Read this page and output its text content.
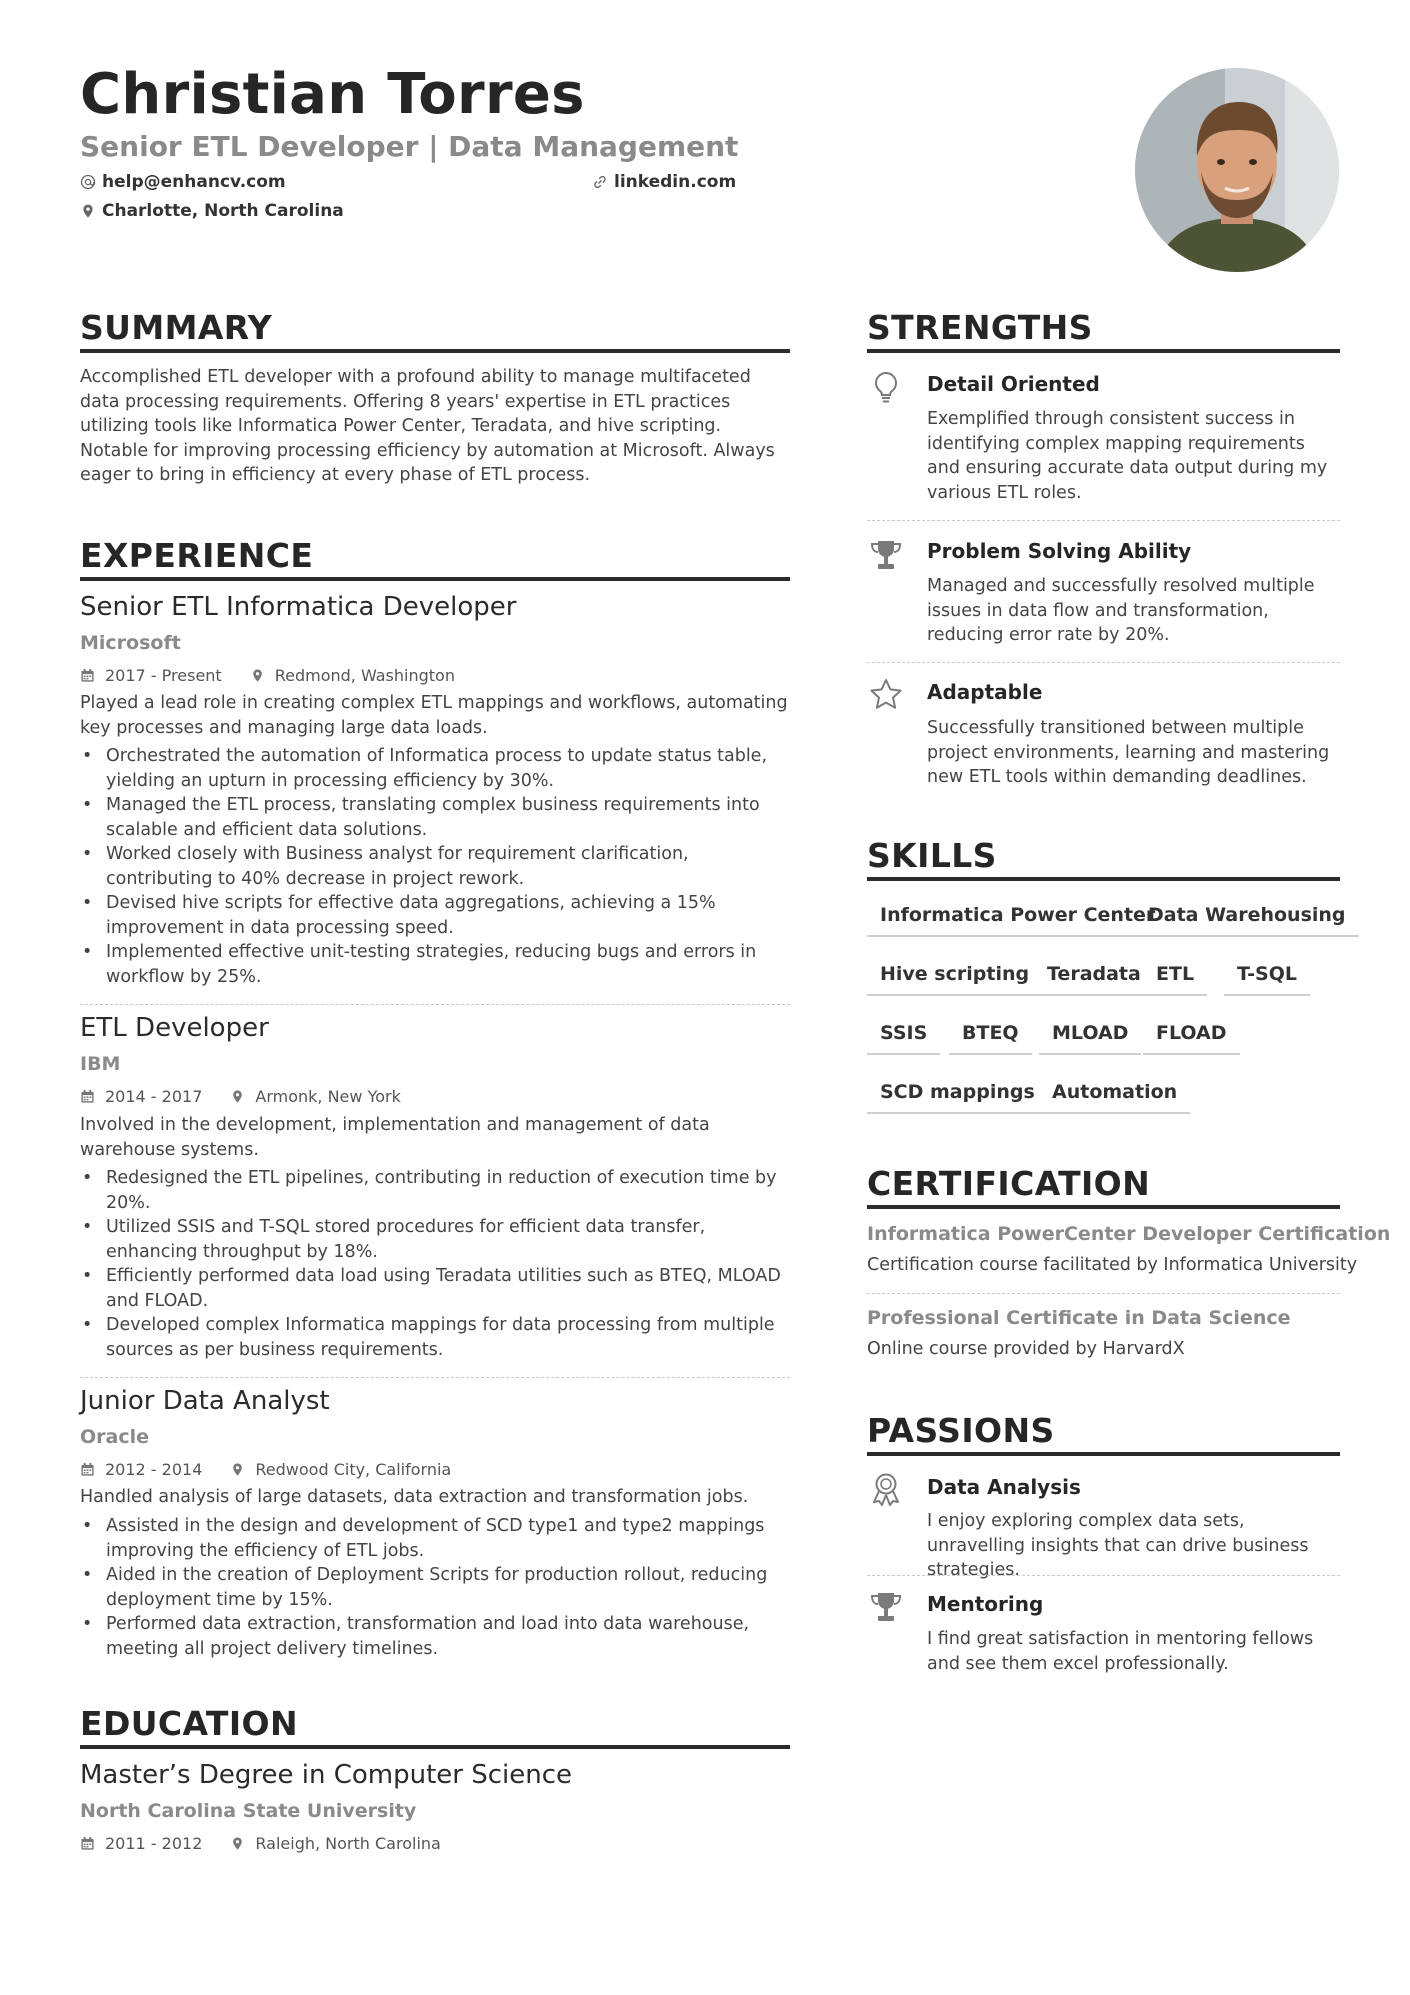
Christian Torres
Senior ETL Developer | Data Management
help@enhancv.com	linkedin.com
Charlotte, North Carolina
SUMMARY

Accomplished ETL developer with a profound ability to manage multifaceted data processing requirements. Offering 8 years' expertise in ETL practices utilizing tools like Informatica Power Center, Teradata, and hive scripting. Notable for improving processing efficiency by automation at Microsoft. Always eager to bring in efficiency at every phase of ETL process.

EXPERIENCE
Senior ETL Informatica Developer
Microsoft
2017 - Present	Redmond, Washington

Played a lead role in creating complex ETL mappings and workflows, automating key processes and managing large data loads.

• Orchestrated the automation of Informatica process to update status table, yielding an upturn in processing efficiency by 30%.
• Managed the ETL process, translating complex business requirements into scalable and efficient data solutions.
• Worked closely with Business analyst for requirement clarification, contributing to 40% decrease in project rework.
• Devised hive scripts for effective data aggregations, achieving a 15% improvement in data processing speed.
• Implemented effective unit-testing strategies, reducing bugs and errors in workflow by 25%.
ETL Developer
IBM
2014 - 2017	Armonk, New York

Involved in the development, implementation and management of data warehouse systems.

• Redesigned the ETL pipelines, contributing in reduction of execution time by 20%.
• Utilized SSIS and T-SQL stored procedures for efficient data transfer, enhancing throughput by 18%.
• Efficiently performed data load using Teradata utilities such as BTEQ, MLOAD and FLOAD.
• Developed complex Informatica mappings for data processing from multiple sources as per business requirements.
Junior Data Analyst
Oracle
2012 - 2014	Redwood City, California

Handled analysis of large datasets, data extraction and transformation jobs.

• Assisted in the design and development of SCD type1 and type2 mappings improving the efficiency of ETL jobs.
• Aided in the creation of Deployment Scripts for production rollout, reducing deployment time by 15%.
• Performed data extraction, transformation and load into data warehouse, meeting all project delivery timelines.
EDUCATION
Master’s Degree in Computer Science
North Carolina State University
2011 - 2012	Raleigh, North Carolina
STRENGTHS
Detail Oriented

Exemplified through consistent success in identifying complex mapping requirements and ensuring accurate data output during my various ETL roles.

Problem Solving Ability

Managed and successfully resolved multiple issues in data flow and transformation, reducing error rate by 20%.

Adaptable

Successfully transitioned between multiple project environments, learning and mastering new ETL tools within demanding deadlines.

SKILLS
Informatica Power Center
Data Warehousing
Hive scripting Teradata ETL	T-SQL
SSIS	BTEQ	MLOAD	FLOAD
SCD mappings Automation
CERTIFICATION
Informatica PowerCenter Developer Certification
Certification course facilitated by Informatica University
Professional Certificate in Data Science
Online course provided by HarvardX
PASSIONS
Data Analysis

I enjoy exploring complex data sets, unravelling insights that can drive business strategies.

Mentoring

I find great satisfaction in mentoring fellows and see them excel professionally.
